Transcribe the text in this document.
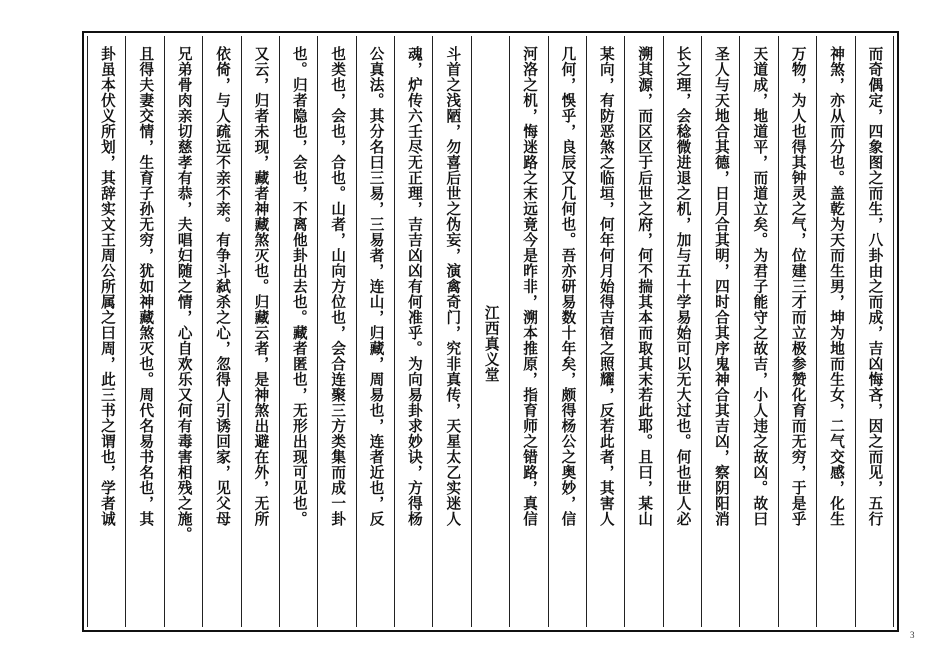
卦虽本伏义所划，其辞实文王周公所属之曰周，此三书之谓也，学者诚	且得夫妻交情，生育子孙无穷，犹如神藏煞灭也。周代名易书名也，其	兄弟骨肉亲切慈孝有恭，夫唱妇随之情，心自欢乐又何有毒害相残之施。	依倚，与人疏远不亲不亲。有争斗弑杀之心，忽得人引诱回家，见父母	又云，归者未现，藏者神藏煞灭也。归藏云者，是神煞出避在外，无所	也。归者隐也，会也，不离他卦出去也。藏者匿也，无形出现可见也。	也类也，会也，合也。山者，山向方位也，会合连聚三方类集而成一卦	公真法。其分名曰三易，三易者，连山，归藏，周易也，连者近也，反	魂，炉传六壬尽无正理，吉吉凶凶有何准乎。为向易卦求妙诀，方得杨	斗首之浅陋，勿喜后世之伪妄，演禽奇门，究非真传，天星太乙实迷人	江西真义堂	河洛之机，悔迷路之末远竟今是昨非，溯本推原，指育师之错路，真信	几何，悞乎，良辰又几何也。吾亦研易数十年矣，颇得杨公之奥妙，信	某向，有防恶煞之临垣，何年何月始得吉宿之照耀，反若此者，其害人	溯其源，而区区于后世之府，何不揣其本而取其末若此耶。且曰，某山	长之理，会稔微进退之机，加与五十学易始可以无大过也。何也世人必	圣人与天地合其德，日月合其明，四时合其序鬼神合其吉凶，察阴阳消	天道成，地道平，而道立矣。为君子能守之故吉，小人违之故凶。故曰	万物，为人也得其钟灵之气，位建三才而立极参赞化育而无穷，于是乎	神煞，亦从而分也。盖乾为天而生男，坤为地而生女，二气交感，化生	而奇偶定，四象图之而生，八卦由之而成，吉凶悔吝，因之而见，五行
3
